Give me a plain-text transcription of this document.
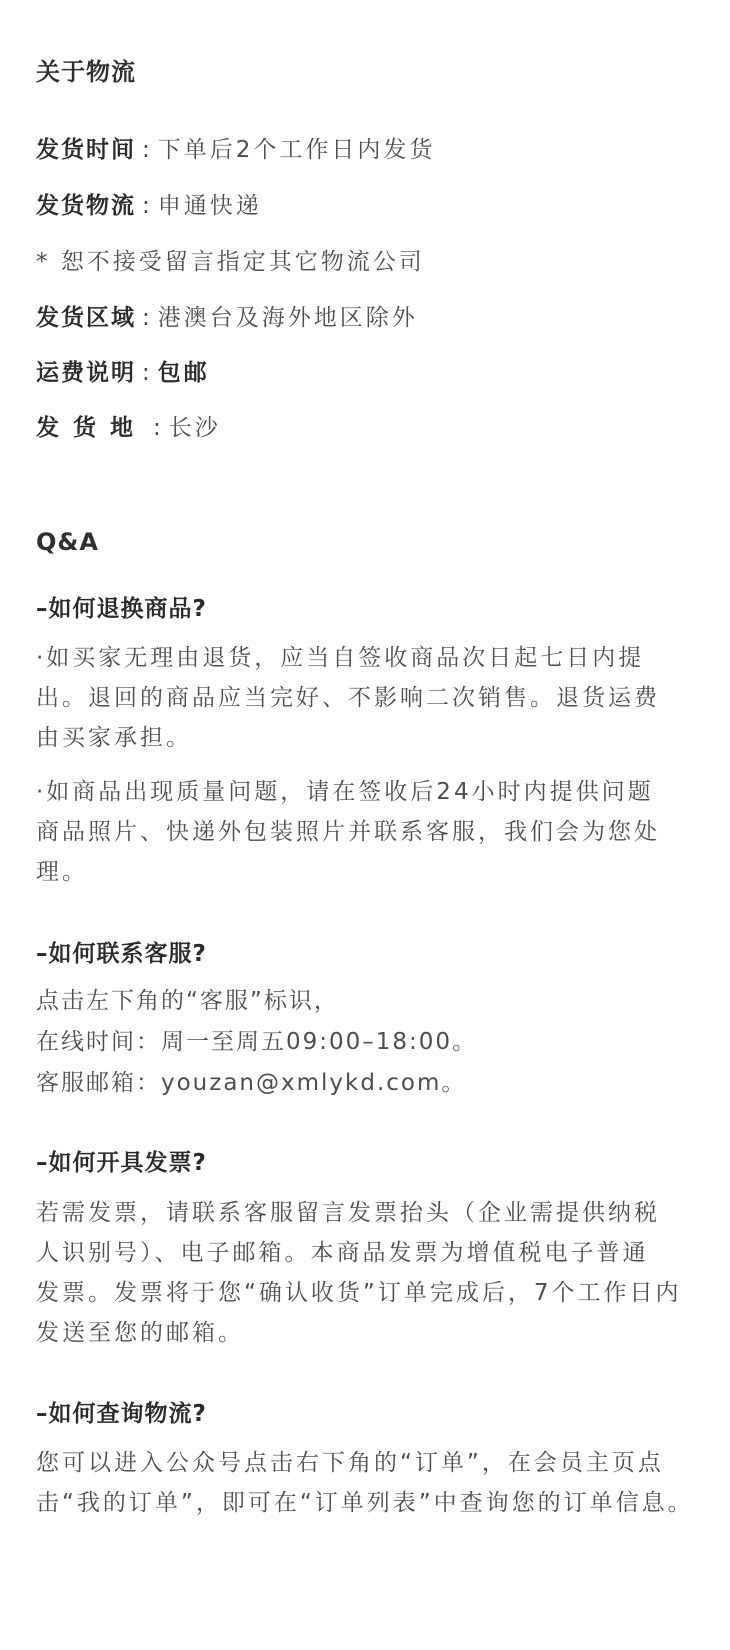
关于物流
发货时间 : 下单后2个工作日内发货
发货物流 : 申通快递
* 恕不接受留言指定其它物流公司
发货区域 : 港澳台及海外地区除外
运费说明 : 包邮
发货地 : 长沙
Q&A
–如何退换商品?
·如买家无理由退货，应当自签收商品次日起七日内提
出。退回的商品应当完好、不影响二次销售。退货运费
由买家承担。
·如商品出现质量问题，请在签收后24小时内提供问题
商品照片、快递外包装照片并联系客服，我们会为您处
理。
–如何联系客服?
点击左下角的“客服”标识，
在线时间：周一至周五09:00–18:00。
客服邮箱：youzan@xmlykd.com。
–如何开具发票?
若需发票，请联系客服留言发票抬头（企业需提供纳税
人识别号）、电子邮箱。本商品发票为增值税电子普通
发票。发票将于您“确认收货”订单完成后，7个工作日内
发送至您的邮箱。
–如何查询物流?
您可以进入公众号点击右下角的“订单”，在会员主页点
击“我的订单”，即可在“订单列表”中查询您的订单信息。
